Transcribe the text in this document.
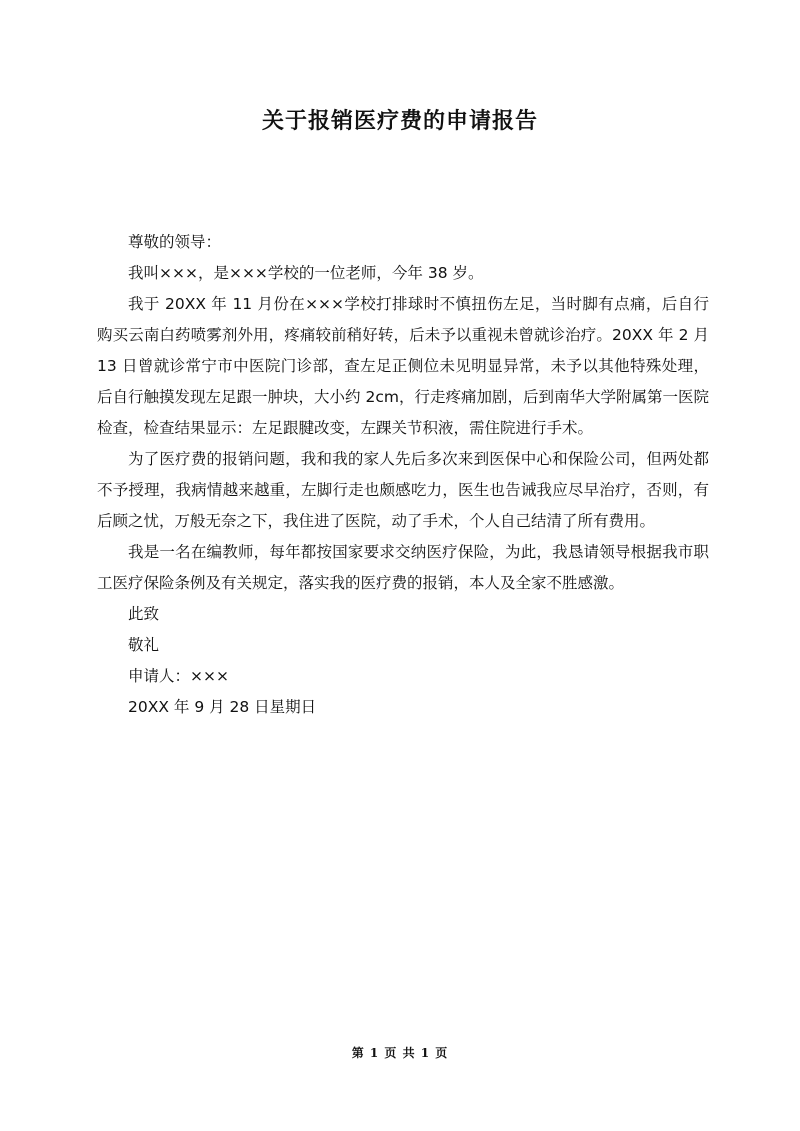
关于报销医疗费的申请报告

尊敬的领导：

我叫×××，是×××学校的一位老师，今年 38 岁。

我于 20XX 年 11 月份在×××学校打排球时不慎扭伤左足，当时脚有点痛，后自行购买云南白药喷雾剂外用，疼痛较前稍好转，后未予以重视未曾就诊治疗。20XX 年 2 月 13 日曾就诊常宁市中医院门诊部，查左足正侧位未见明显异常，未予以其他特殊处理，后自行触摸发现左足跟一肿块，大小约 2cm，行走疼痛加剧，后到南华大学附属第一医院检查，检查结果显示：左足跟腱改变，左踝关节积液，需住院进行手术。

为了医疗费的报销问题，我和我的家人先后多次来到医保中心和保险公司，但两处都不予授理，我病情越来越重，左脚行走也颇感吃力，医生也告诫我应尽早治疗，否则，有后顾之忧，万般无奈之下，我住进了医院，动了手术，个人自己结清了所有费用。

我是一名在编教师，每年都按国家要求交纳医疗保险，为此，我恳请领导根据我市职工医疗保险条例及有关规定，落实我的医疗费的报销，本人及全家不胜感激。

此致

敬礼

申请人：×××

20XX 年 9 月 28 日星期日

第 1 页 共 1 页
